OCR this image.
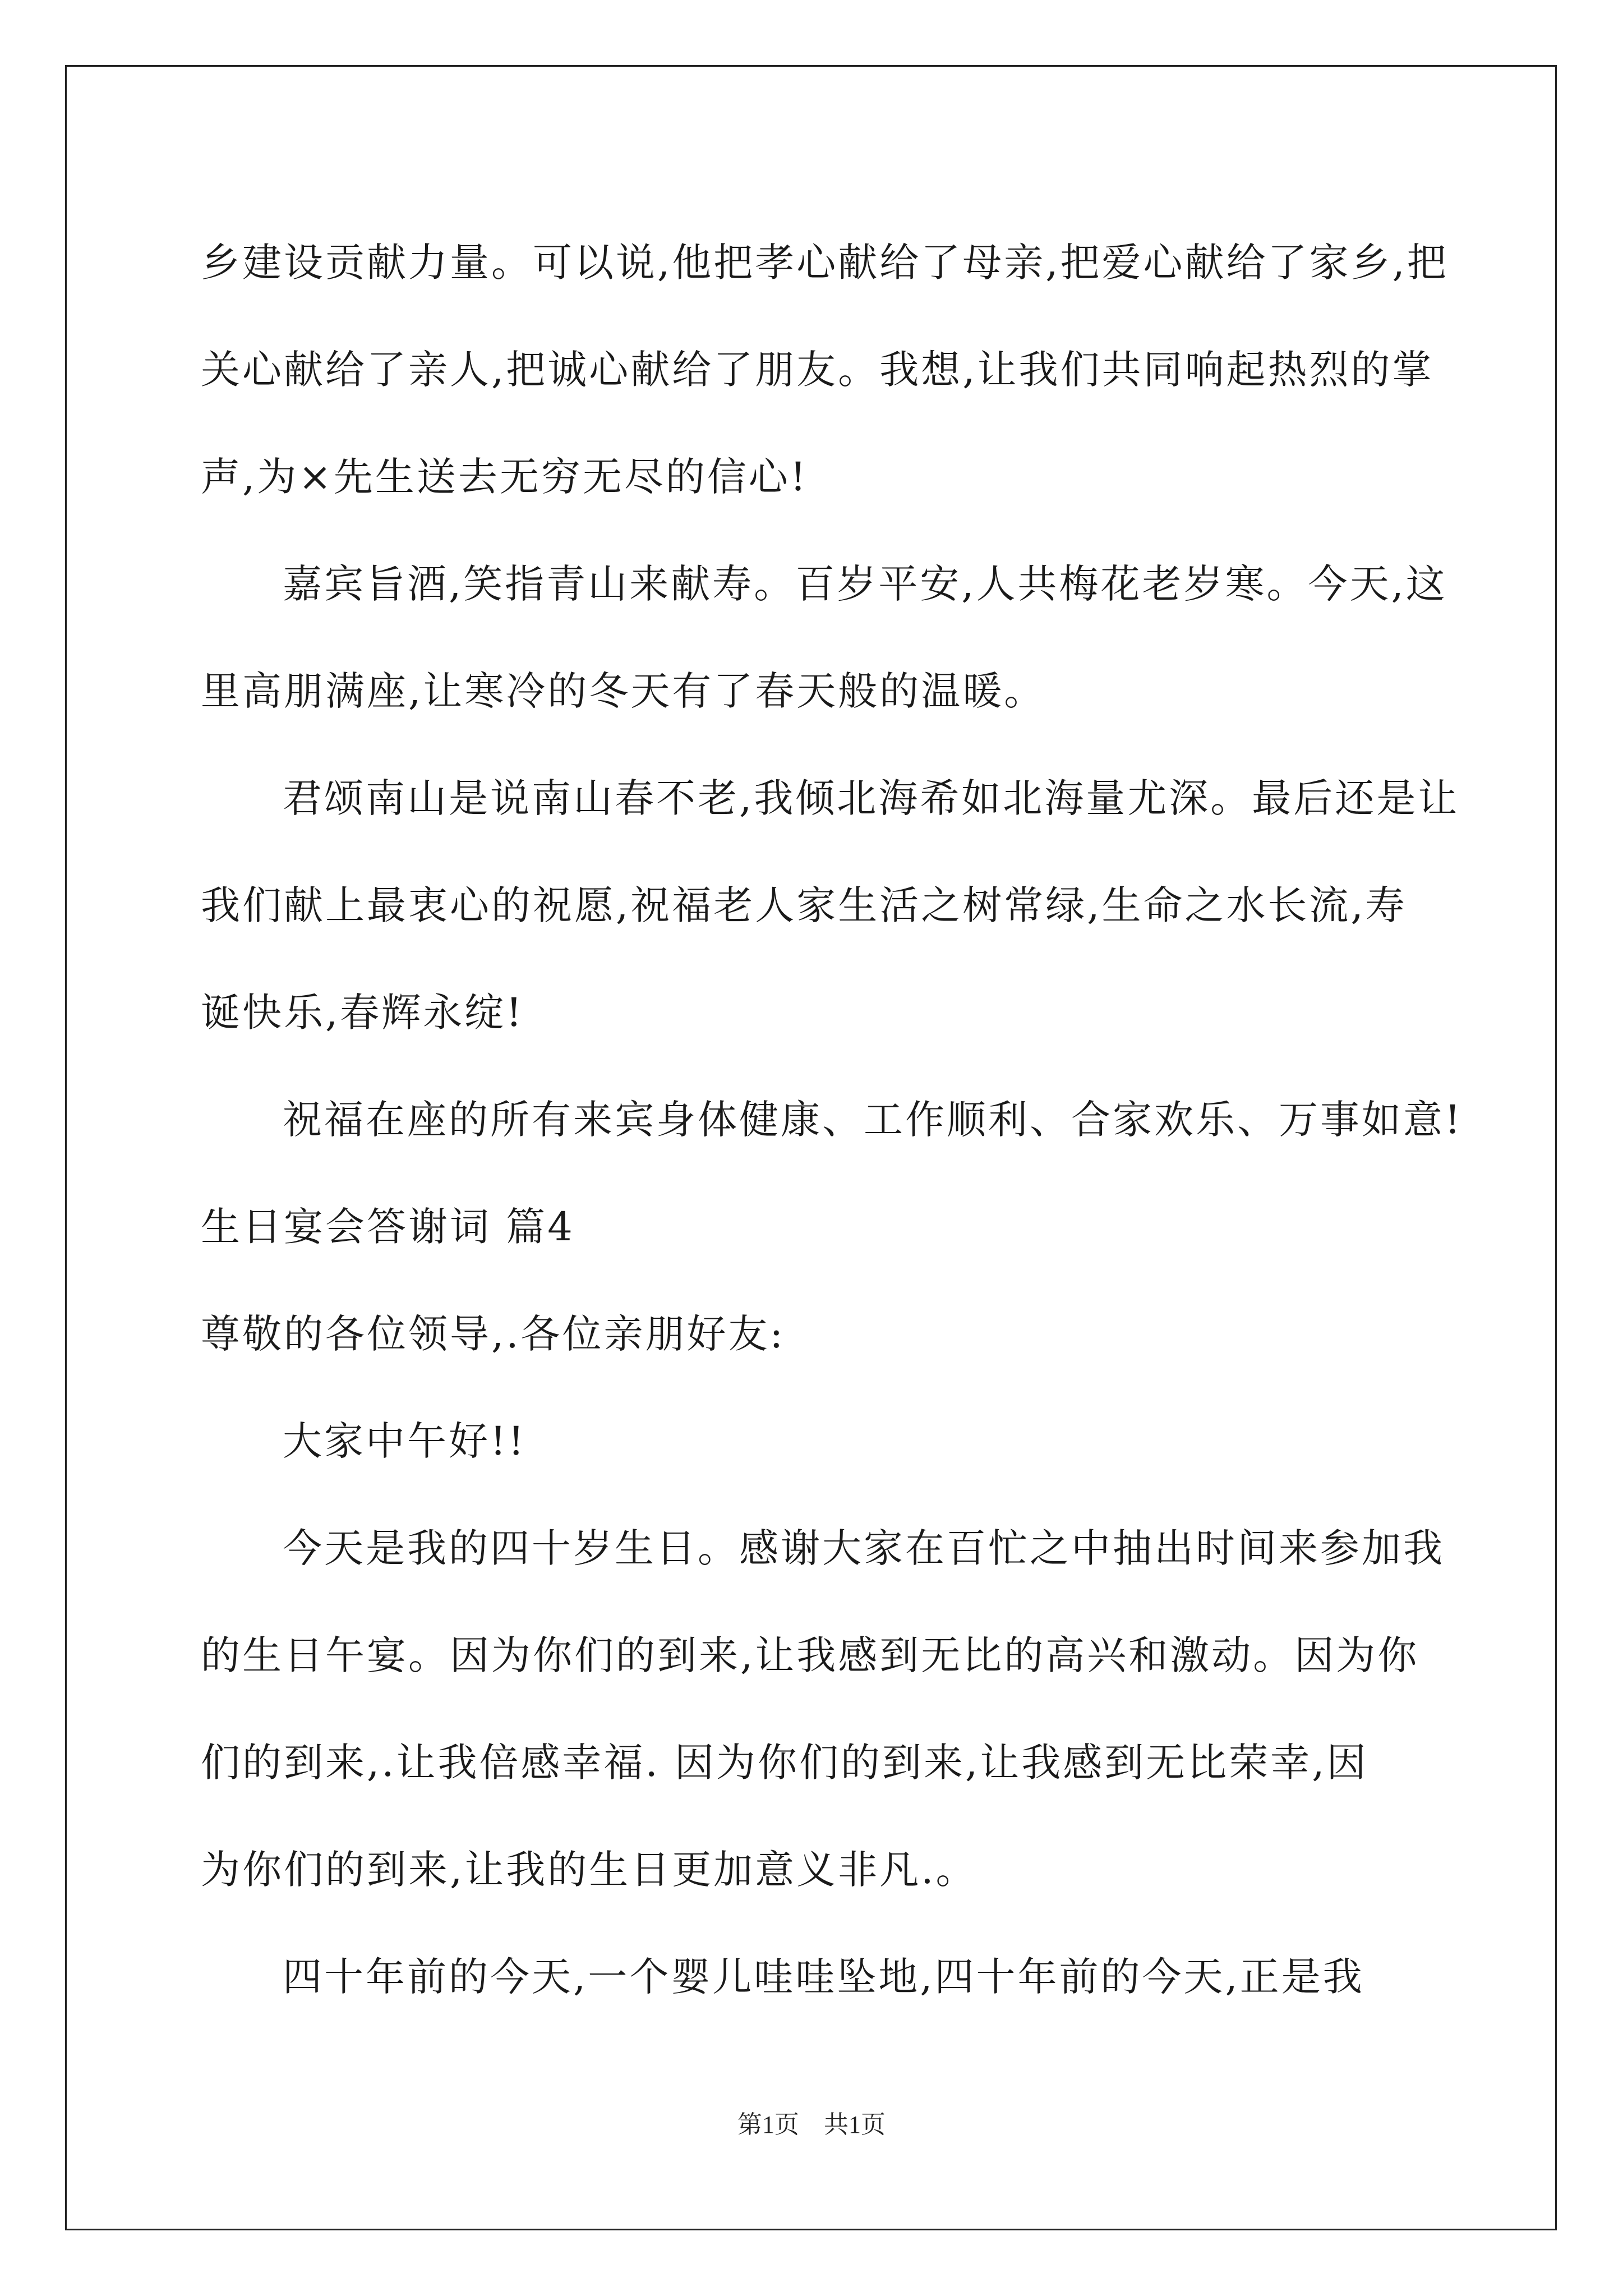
乡建设贡献力量。可以说,他把孝心献给了母亲,把爱心献给了家乡,把
关心献给了亲人,把诚心献给了朋友。我想,让我们共同响起热烈的掌
声,为×先生送去无穷无尽的信心!
嘉宾旨酒,笑指青山来献寿。百岁平安,人共梅花老岁寒。今天,这
里高朋满座,让寒冷的冬天有了春天般的温暖。
君颂南山是说南山春不老,我倾北海希如北海量尤深。最后还是让
我们献上最衷心的祝愿,祝福老人家生活之树常绿,生命之水长流,寿
诞快乐,春辉永绽!
祝福在座的所有来宾身体健康、工作顺利、合家欢乐、万事如意!
生日宴会答谢词 篇4
尊敬的各位领导,.各位亲朋好友:
大家中午好!!
今天是我的四十岁生日。感谢大家在百忙之中抽出时间来参加我
的生日午宴。因为你们的到来,让我感到无比的高兴和激动。因为你
们的到来,.让我倍感幸福. 因为你们的到来,让我感到无比荣幸,因
为你们的到来,让我的生日更加意义非凡.。
四十年前的今天,一个婴儿哇哇坠地,四十年前的今天,正是我
第1页　共1页
